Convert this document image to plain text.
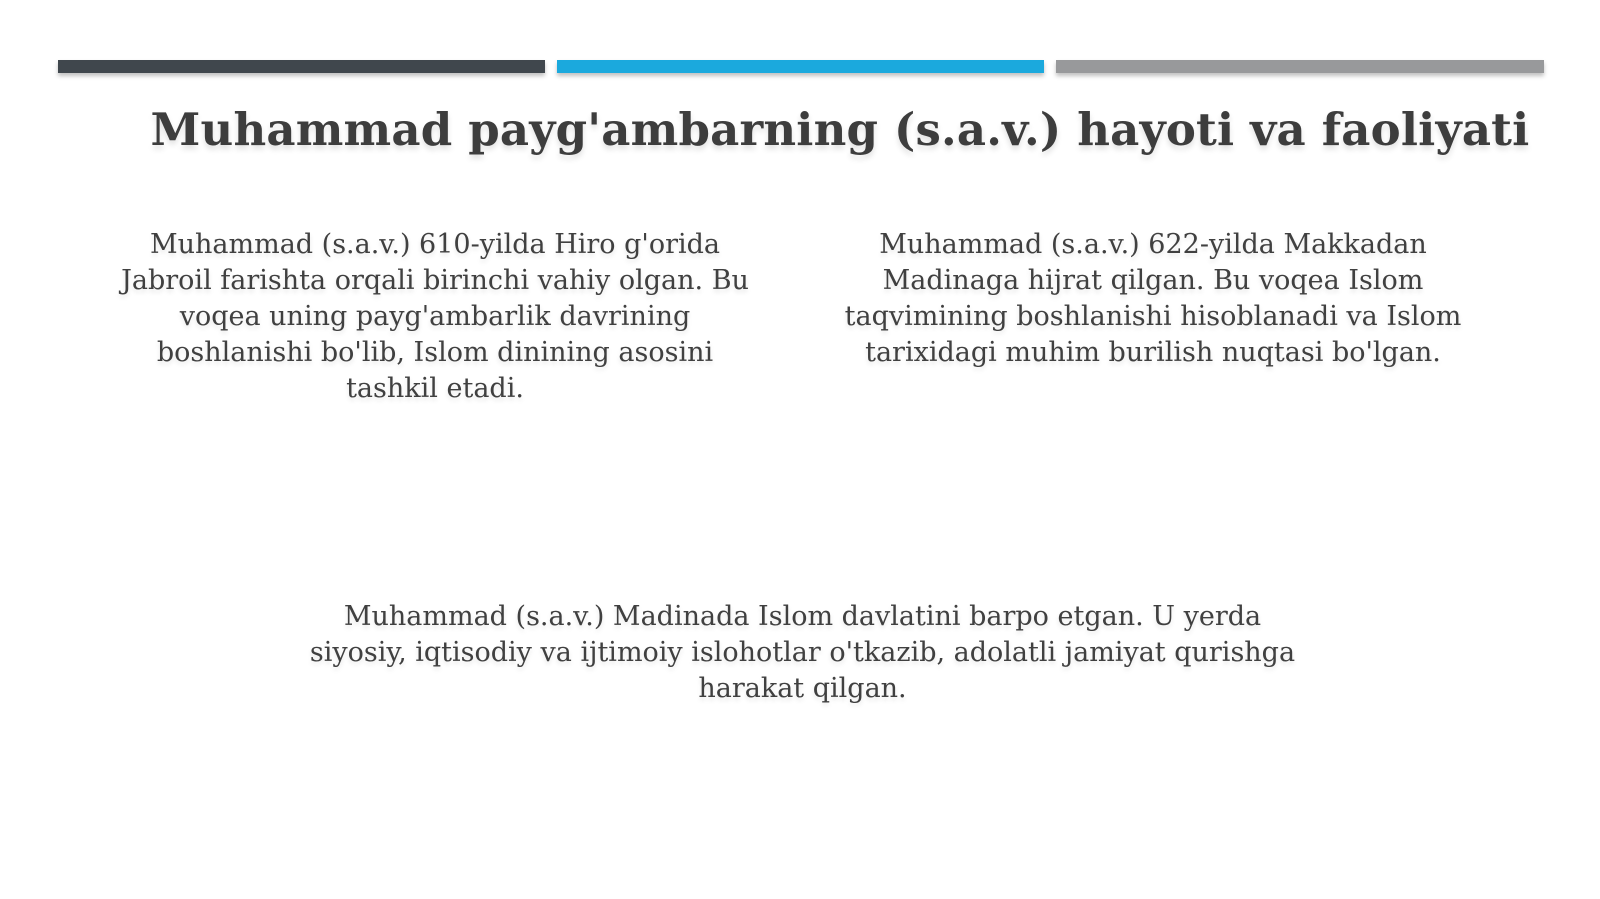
Muhammad payg'ambarning (s.a.v.) hayoti va faoliyati
Muhammad (s.a.v.) 610-yilda Hiro g'orida Jabroil farishta orqali birinchi vahiy olgan. Bu voqea uning payg'ambarlik davrining boshlanishi bo'lib, Islom dinining asosini tashkil etadi.
Muhammad (s.a.v.) 622-yilda Makkadan Madinaga hijrat qilgan. Bu voqea Islom taqvimining boshlanishi hisoblanadi va Islom tarixidagi muhim burilish nuqtasi bo'lgan.
Muhammad (s.a.v.) Madinada Islom davlatini barpo etgan. U yerda siyosiy, iqtisodiy va ijtimoiy islohotlar o'tkazib, adolatli jamiyat qurishga harakat qilgan.
